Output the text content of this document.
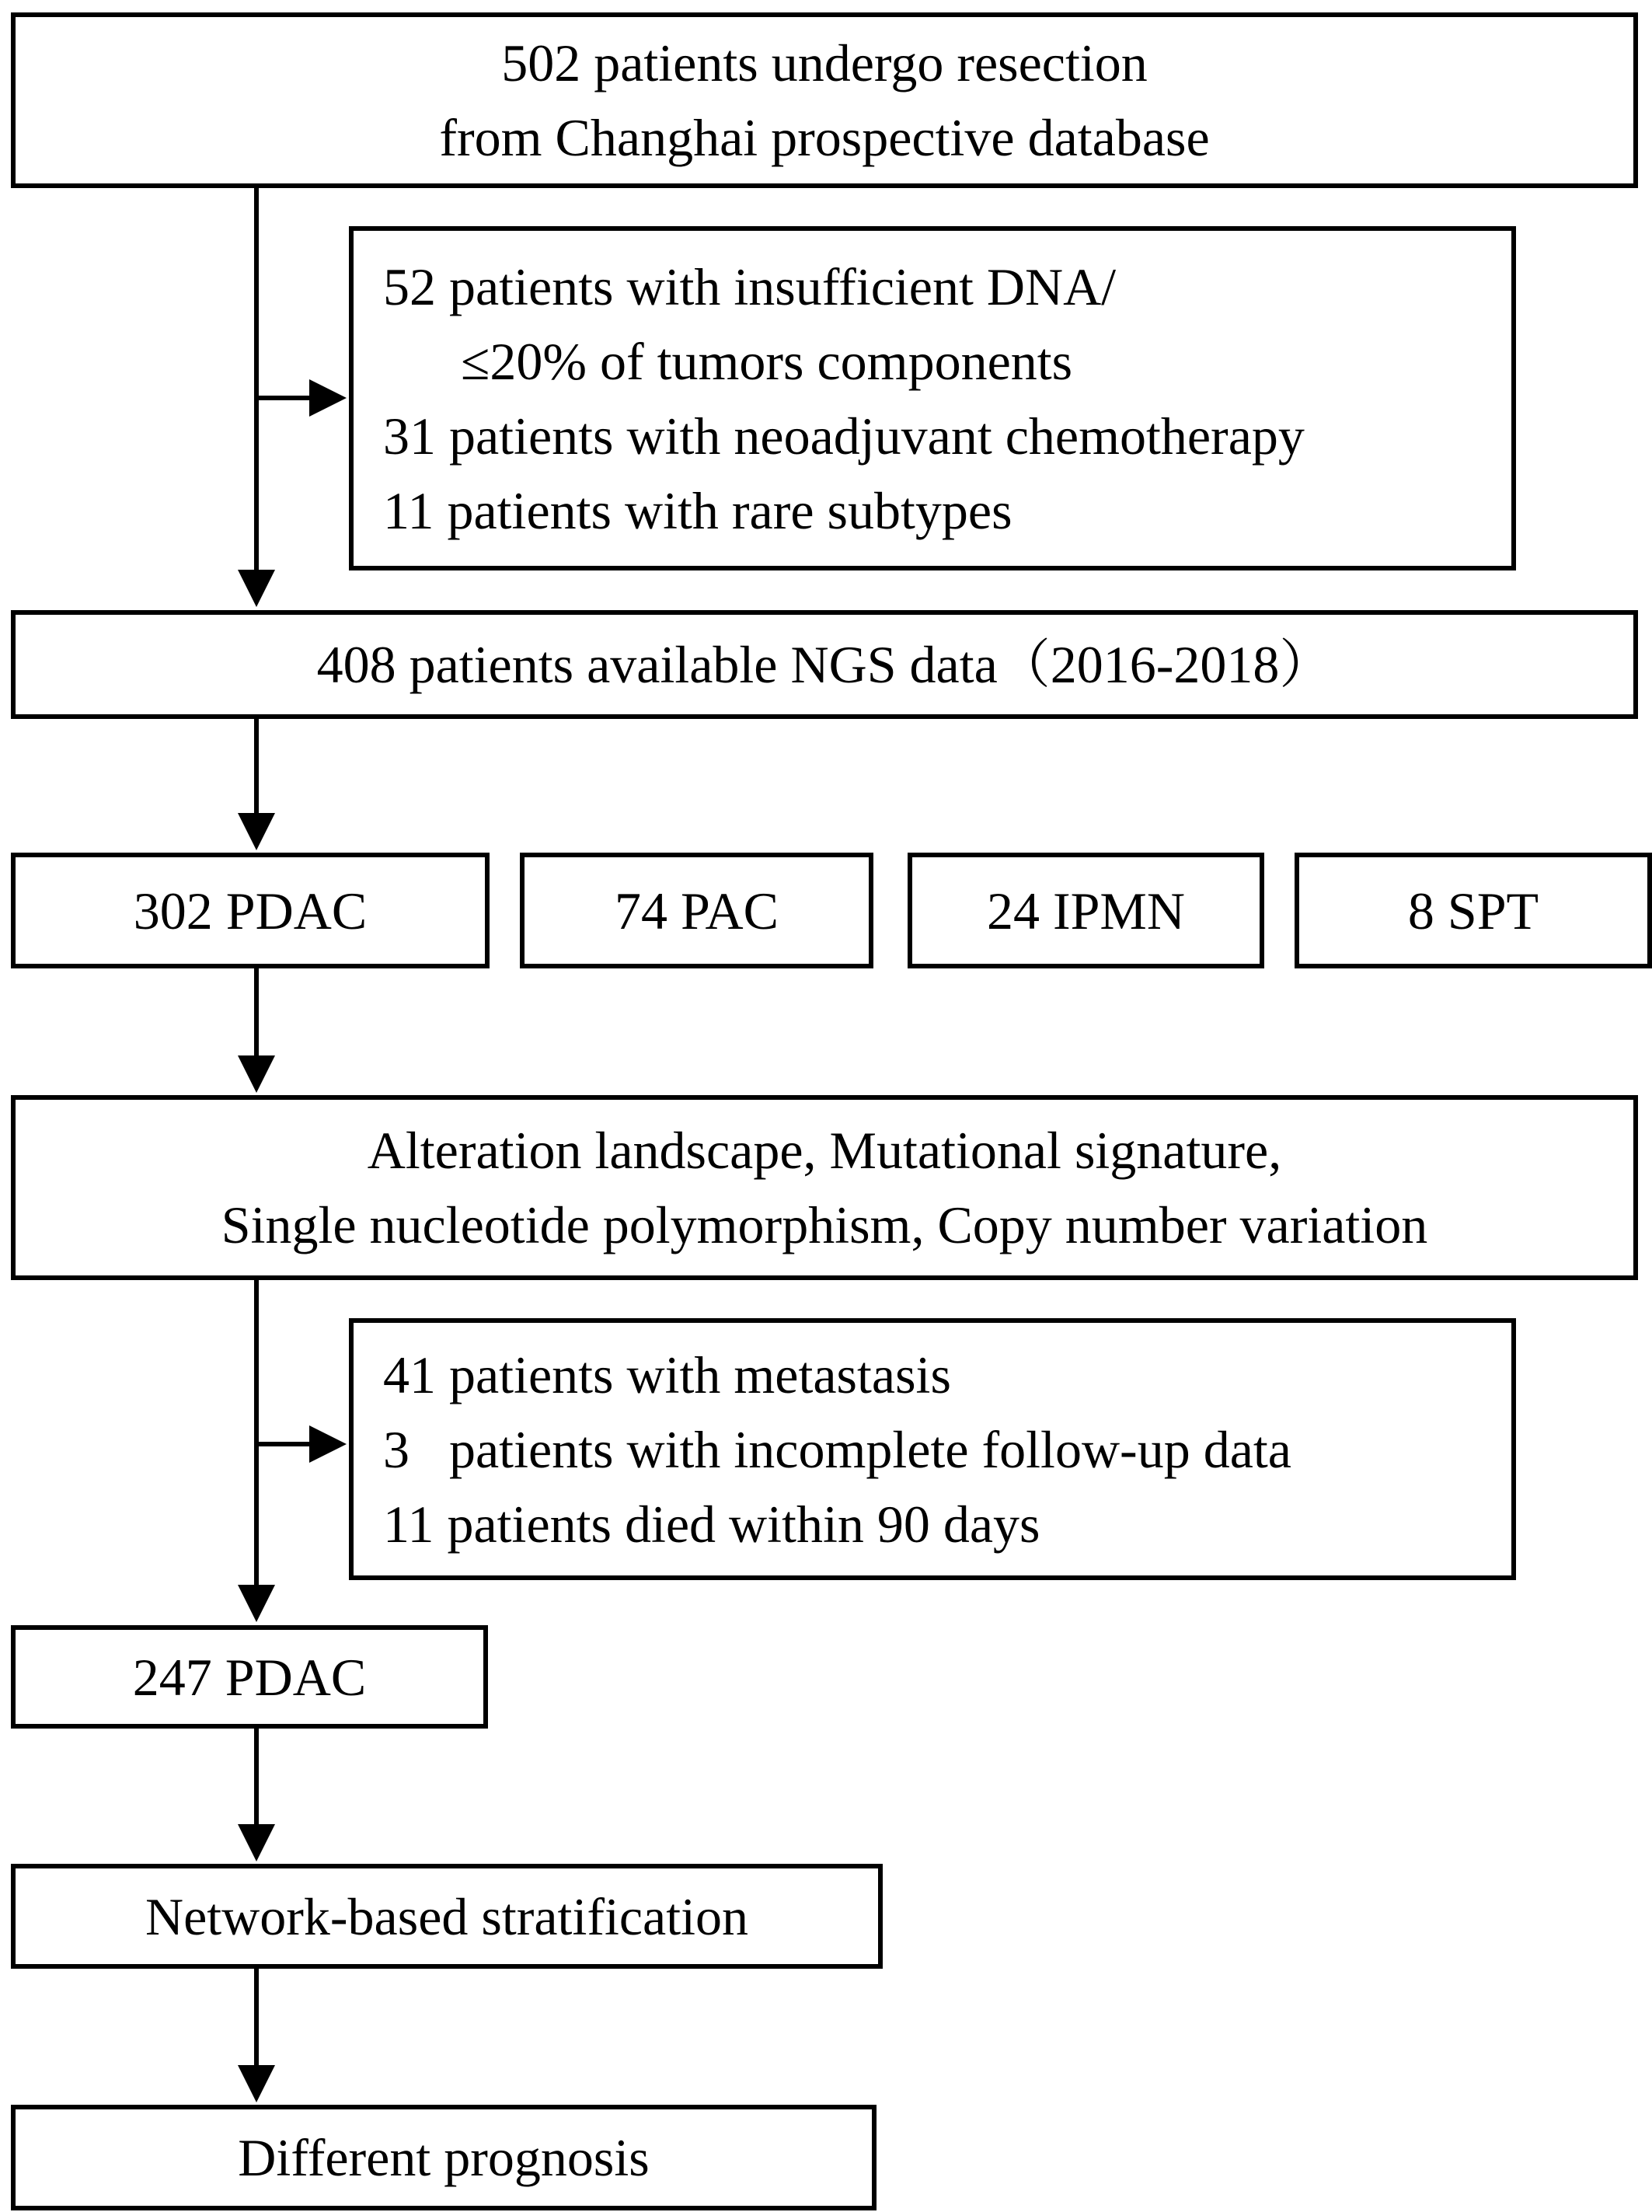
502 patients undergo resection
from Changhai prospective database
52 patients with insufficient DNA/
≤20% of tumors components
31 patients with neoadjuvant chemotherapy
11 patients with rare subtypes
408 patients available NGS data（2016-2018）
302 PDAC	74 PAC	24 IPMN	8 SPT
Alteration landscape, Mutational signature,
Single nucleotide polymorphism, Copy number variation
41 patients with metastasis
3   patients with incomplete follow-up data
11 patients died within 90 days
247 PDAC
Network-based stratification
Different prognosis
